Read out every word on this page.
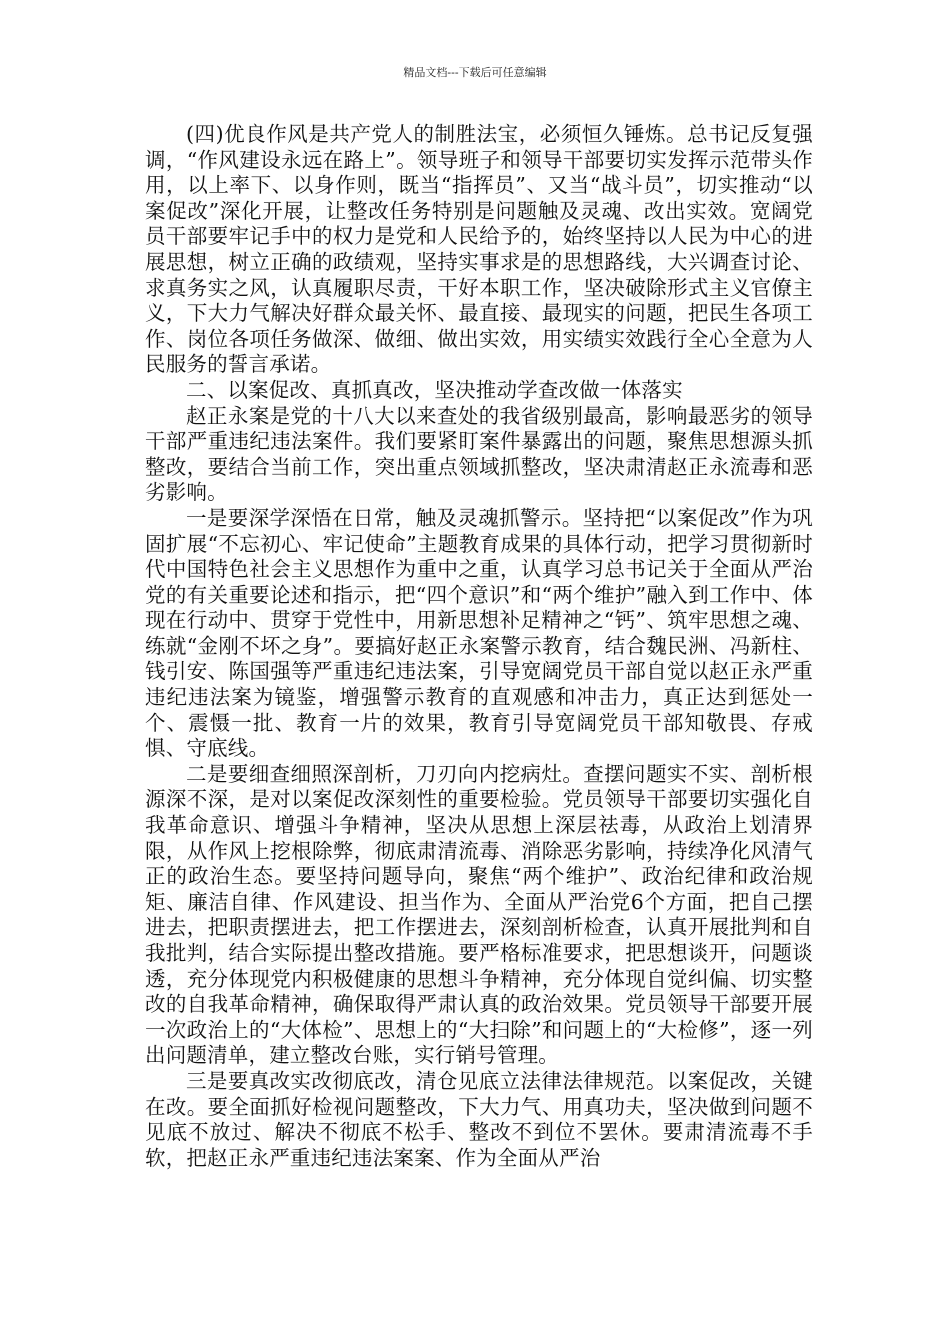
精品文档---下载后可任意编辑

(四)优良作风是共产党人的制胜法宝，必须恒久锤炼。总书记反复强调，“作风建设永远在路上”。领导班子和领导干部要切实发挥示范带头作用，以上率下、以身作则，既当“指挥员”、又当“战斗员”，切实推动“以案促改”深化开展，让整改任务特别是问题触及灵魂、改出实效。宽阔党员干部要牢记手中的权力是党和人民给予的，始终坚持以人民为中心的进展思想，树立正确的政绩观，坚持实事求是的思想路线，大兴调查讨论、求真务实之风，认真履职尽责，干好本职工作，坚决破除形式主义官僚主义，下大力气解决好群众最关怀、最直接、最现实的问题，把民生各项工作、岗位各项任务做深、做细、做出实效，用实绩实效践行全心全意为人民服务的誓言承诺。

二、以案促改、真抓真改，坚决推动学查改做一体落实

赵正永案是党的十八大以来查处的我省级别最高，影响最恶劣的领导干部严重违纪违法案件。我们要紧盯案件暴露出的问题，聚焦思想源头抓整改，要结合当前工作，突出重点领域抓整改，坚决肃清赵正永流毒和恶劣影响。

一是要深学深悟在日常，触及灵魂抓警示。坚持把“以案促改”作为巩固扩展“不忘初心、牢记使命”主题教育成果的具体行动，把学习贯彻新时代中国特色社会主义思想作为重中之重，认真学习总书记关于全面从严治党的有关重要论述和指示，把“四个意识”和“两个维护”融入到工作中、体现在行动中、贯穿于党性中，用新思想补足精神之“钙”、筑牢思想之魂、练就“金刚不坏之身”。要搞好赵正永案警示教育，结合魏民洲、冯新柱、钱引安、陈国强等严重违纪违法案，引导宽阔党员干部自觉以赵正永严重违纪违法案为镜鉴，增强警示教育的直观感和冲击力，真正达到惩处一个、震慑一批、教育一片的效果，教育引导宽阔党员干部知敬畏、存戒惧、守底线。

二是要细查细照深剖析，刀刃向内挖病灶。查摆问题实不实、剖析根源深不深，是对以案促改深刻性的重要检验。党员领导干部要切实强化自我革命意识、增强斗争精神，坚决从思想上深层祛毒，从政治上划清界限，从作风上挖根除弊，彻底肃清流毒、消除恶劣影响，持续净化风清气正的政治生态。要坚持问题导向，聚焦“两个维护”、政治纪律和政治规矩、廉洁自律、作风建设、担当作为、全面从严治党6个方面，把自己摆进去，把职责摆进去，把工作摆进去，深刻剖析检查，认真开展批判和自我批判，结合实际提出整改措施。要严格标准要求，把思想谈开，问题谈透，充分体现党内积极健康的思想斗争精神，充分体现自觉纠偏、切实整改的自我革命精神，确保取得严肃认真的政治效果。党员领导干部要开展一次政治上的“大体检”、思想上的“大扫除”和问题上的“大检修”，逐一列出问题清单，建立整改台账，实行销号管理。

三是要真改实改彻底改，清仓见底立法律法律规范。以案促改，关键在改。要全面抓好检视问题整改，下大力气、用真功夫，坚决做到问题不见底不放过、解决不彻底不松手、整改不到位不罢休。要肃清流毒不手软，把赵正永严重违纪违法案案、作为全面从严治
